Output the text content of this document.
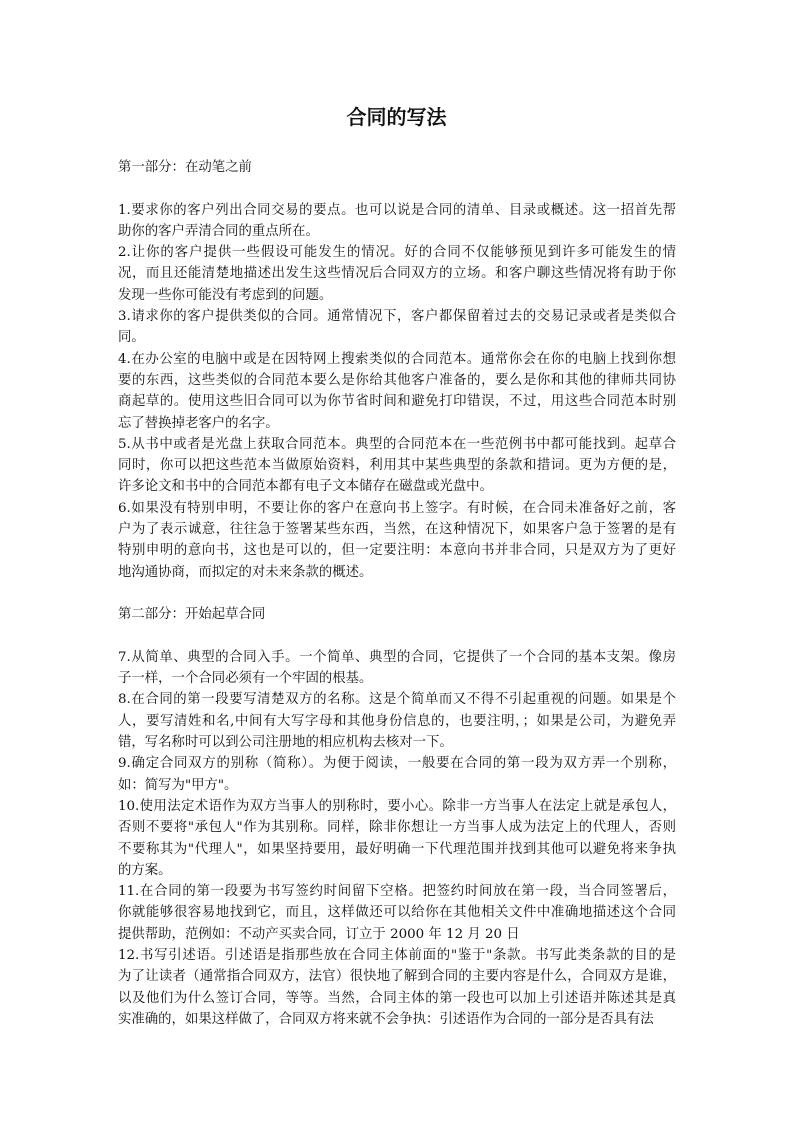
合同的写法
第一部分：在动笔之前
1.要求你的客户列出合同交易的要点。也可以说是合同的清单、目录或概述。这一招首先帮
助你的客户弄清合同的重点所在。
2.让你的客户提供一些假设可能发生的情况。好的合同不仅能够预见到许多可能发生的情
况，而且还能清楚地描述出发生这些情况后合同双方的立场。和客户聊这些情况将有助于你
发现一些你可能没有考虑到的问题。
3.请求你的客户提供类似的合同。通常情况下，客户都保留着过去的交易记录或者是类似合
同。
4.在办公室的电脑中或是在因特网上搜索类似的合同范本。通常你会在你的电脑上找到你想
要的东西，这些类似的合同范本要么是你给其他客户准备的，要么是你和其他的律师共同协
商起草的。使用这些旧合同可以为你节省时间和避免打印错误，不过，用这些合同范本时别
忘了替换掉老客户的名字。
5.从书中或者是光盘上获取合同范本。典型的合同范本在一些范例书中都可能找到。起草合
同时，你可以把这些范本当做原始资料，利用其中某些典型的条款和措词。更为方便的是，
许多论文和书中的合同范本都有电子文本储存在磁盘或光盘中。
6.如果没有特别申明，不要让你的客户在意向书上签字。有时候，在合同未准备好之前，客
户为了表示诚意，往往急于签署某些东西，当然，在这种情况下，如果客户急于签署的是有
特别申明的意向书，这也是可以的，但一定要注明：本意向书并非合同，只是双方为了更好
地沟通协商，而拟定的对未来条款的概述。
第二部分：开始起草合同
7.从简单、典型的合同入手。一个简单、典型的合同，它提供了一个合同的基本支架。像房
子一样，一个合同必须有一个牢固的根基。
8.在合同的第一段要写清楚双方的名称。这是个简单而又不得不引起重视的问题。如果是个
人，要写清姓和名,中间有大写字母和其他身份信息的，也要注明，；如果是公司，为避免弄
错，写名称时可以到公司注册地的相应机构去核对一下。
9.确定合同双方的别称（简称）。为便于阅读，一般要在合同的第一段为双方弄一个别称，
如：简写为"甲方"。
10.使用法定术语作为双方当事人的别称时，要小心。除非一方当事人在法定上就是承包人，
否则不要将"承包人"作为其别称。同样，除非你想让一方当事人成为法定上的代理人，否则
不要称其为"代理人"，如果坚持要用，最好明确一下代理范围并找到其他可以避免将来争执
的方案。
11.在合同的第一段要为书写签约时间留下空格。把签约时间放在第一段，当合同签署后，
你就能够很容易地找到它，而且，这样做还可以给你在其他相关文件中准确地描述这个合同
提供帮助，范例如：不动产买卖合同，订立于 2000 年 12 月 20 日
12.书写引述语。引述语是指那些放在合同主体前面的"鉴于"条款。书写此类条款的目的是
为了让读者（通常指合同双方，法官）很快地了解到合同的主要内容是什么，合同双方是谁，
以及他们为什么签订合同，等等。当然，合同主体的第一段也可以加上引述语并陈述其是真
实准确的，如果这样做了，合同双方将来就不会争执：引述语作为合同的一部分是否具有法
